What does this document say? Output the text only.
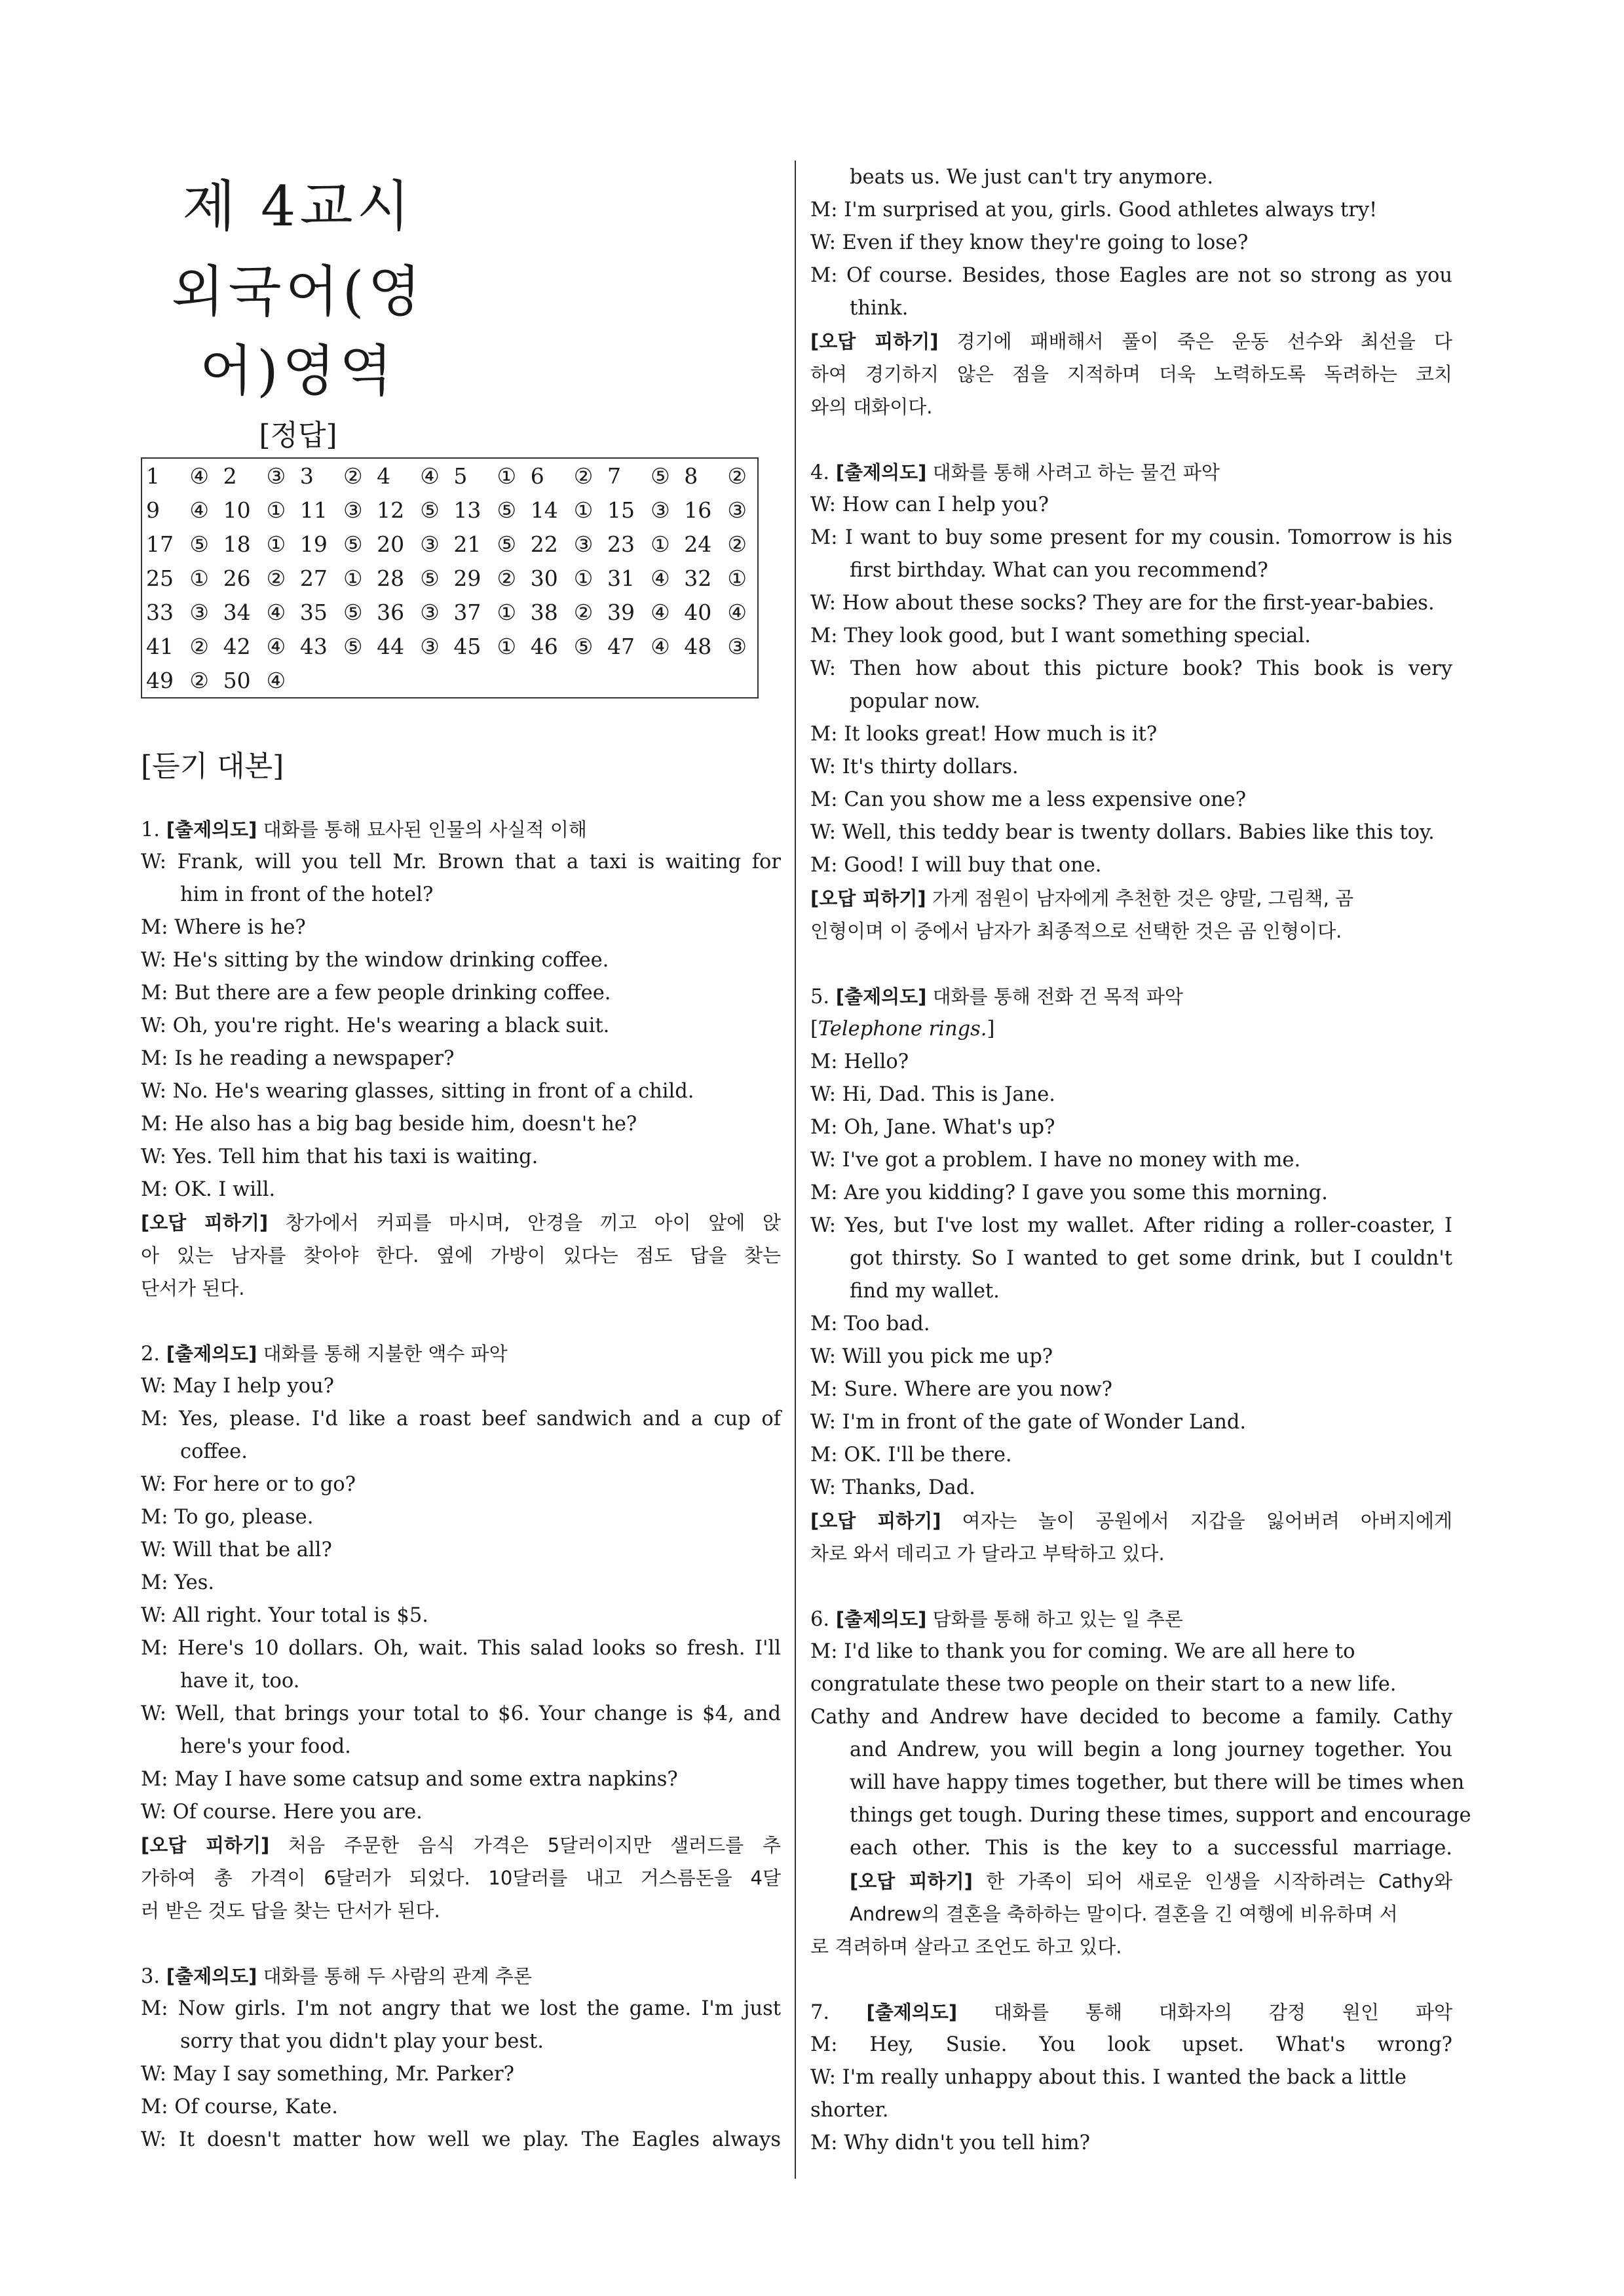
제 4교시
외국어(영어)영역
[정답]
1	④	2	③	3	②	4	④	5	①	6	②	7	⑤	8	②
9	④	10	①	11	③	12	⑤	13	⑤	14	①	15	③	16	③
17	⑤	18	①	19	⑤	20	③	21	⑤	22	③	23	①	24	②
25	①	26	②	27	①	28	⑤	29	②	30	①	31	④	32	①
33	③	34	④	35	⑤	36	③	37	①	38	②	39	④	40	④
41	②	42	④	43	⑤	44	③	45	①	46	⑤	47	④	48	③
49	②	50	④												
[듣기 대본]
1. [출제의도] 대화를 통해 묘사된 인물의 사실적 이해
W: Frank, will you tell Mr. Brown that a taxi is waiting for
him in front of the hotel?
M: Where is he?
W: He's sitting by the window drinking coffee.
M: But there are a few people drinking coffee.
W: Oh, you're right. He's wearing a black suit.
M: Is he reading a newspaper?
W: No. He's wearing glasses, sitting in front of a child.
M: He also has a big bag beside him, doesn't he?
W: Yes. Tell him that his taxi is waiting.
M: OK. I will.
[오답 피하기] 창가에서 커피를 마시며, 안경을 끼고 아이 앞에 앉
아 있는 남자를 찾아야 한다. 옆에 가방이 있다는 점도 답을 찾는
단서가 된다.
2. [출제의도] 대화를 통해 지불한 액수 파악
W: May I help you?
M: Yes, please. I'd like a roast beef sandwich and a cup of
coffee.
W: For here or to go?
M: To go, please.
W: Will that be all?
M: Yes.
W: All right. Your total is $5.
M: Here's 10 dollars. Oh, wait. This salad looks so fresh. I'll
have it, too.
W: Well, that brings your total to $6. Your change is $4, and
here's your food.
M: May I have some catsup and some extra napkins?
W: Of course. Here you are.
[오답 피하기] 처음 주문한 음식 가격은 5달러이지만 샐러드를 추
가하여 총 가격이 6달러가 되었다. 10달러를 내고 거스름돈을 4달
러 받은 것도 답을 찾는 단서가 된다.
3. [출제의도] 대화를 통해 두 사람의 관계 추론
M: Now girls. I'm not angry that we lost the game. I'm just
sorry that you didn't play your best.
W: May I say something, Mr. Parker?
M: Of course, Kate.
W: It doesn't matter how well we play. The Eagles always
beats us. We just can't try anymore.
M: I'm surprised at you, girls. Good athletes always try!
W: Even if they know they're going to lose?
M: Of course. Besides, those Eagles are not so strong as you
think.
[오답 피하기] 경기에 패배해서 풀이 죽은 운동 선수와 최선을 다
하여 경기하지 않은 점을 지적하며 더욱 노력하도록 독려하는 코치
와의 대화이다.
4. [출제의도] 대화를 통해 사려고 하는 물건 파악
W: How can I help you?
M: I want to buy some present for my cousin. Tomorrow is his
first birthday. What can you recommend?
W: How about these socks? They are for the first-year-babies.
M: They look good, but I want something special.
W: Then how about this picture book? This book is very
popular now.
M: It looks great! How much is it?
W: It's thirty dollars.
M: Can you show me a less expensive one?
W: Well, this teddy bear is twenty dollars. Babies like this toy.
M: Good! I will buy that one.
[오답 피하기] 가게 점원이 남자에게 추천한 것은 양말, 그림책, 곰
인형이며 이 중에서 남자가 최종적으로 선택한 것은 곰 인형이다.
5. [출제의도] 대화를 통해 전화 건 목적 파악
[Telephone rings.]
M: Hello?
W: Hi, Dad. This is Jane.
M: Oh, Jane. What's up?
W: I've got a problem. I have no money with me.
M: Are you kidding? I gave you some this morning.
W: Yes, but I've lost my wallet. After riding a roller-coaster, I
got thirsty. So I wanted to get some drink, but I couldn't
find my wallet.
M: Too bad.
W: Will you pick me up?
M: Sure. Where are you now?
W: I'm in front of the gate of Wonder Land.
M: OK. I'll be there.
W: Thanks, Dad.
[오답 피하기] 여자는 놀이 공원에서 지갑을 잃어버려 아버지에게
차로 와서 데리고 가 달라고 부탁하고 있다.
6. [출제의도] 담화를 통해 하고 있는 일 추론
M: I'd like to thank you for coming. We are all here to
congratulate these two people on their start to a new life.
Cathy and Andrew have decided to become a family. Cathy
and Andrew, you will begin a long journey together. You
will have happy times together, but there will be times when
things get tough. During these times, support and encourage
each other. This is the key to a successful marriage.
[오답 피하기] 한 가족이 되어 새로운 인생을 시작하려는 Cathy와
Andrew의 결혼을 축하하는 말이다. 결혼을 긴 여행에 비유하며 서
로 격려하며 살라고 조언도 하고 있다.
7. [출제의도] 대화를 통해 대화자의 감정 원인 파악
M: Hey, Susie. You look upset. What's wrong?
W: I'm really unhappy about this. I wanted the back a little
shorter.
M: Why didn't you tell him?
